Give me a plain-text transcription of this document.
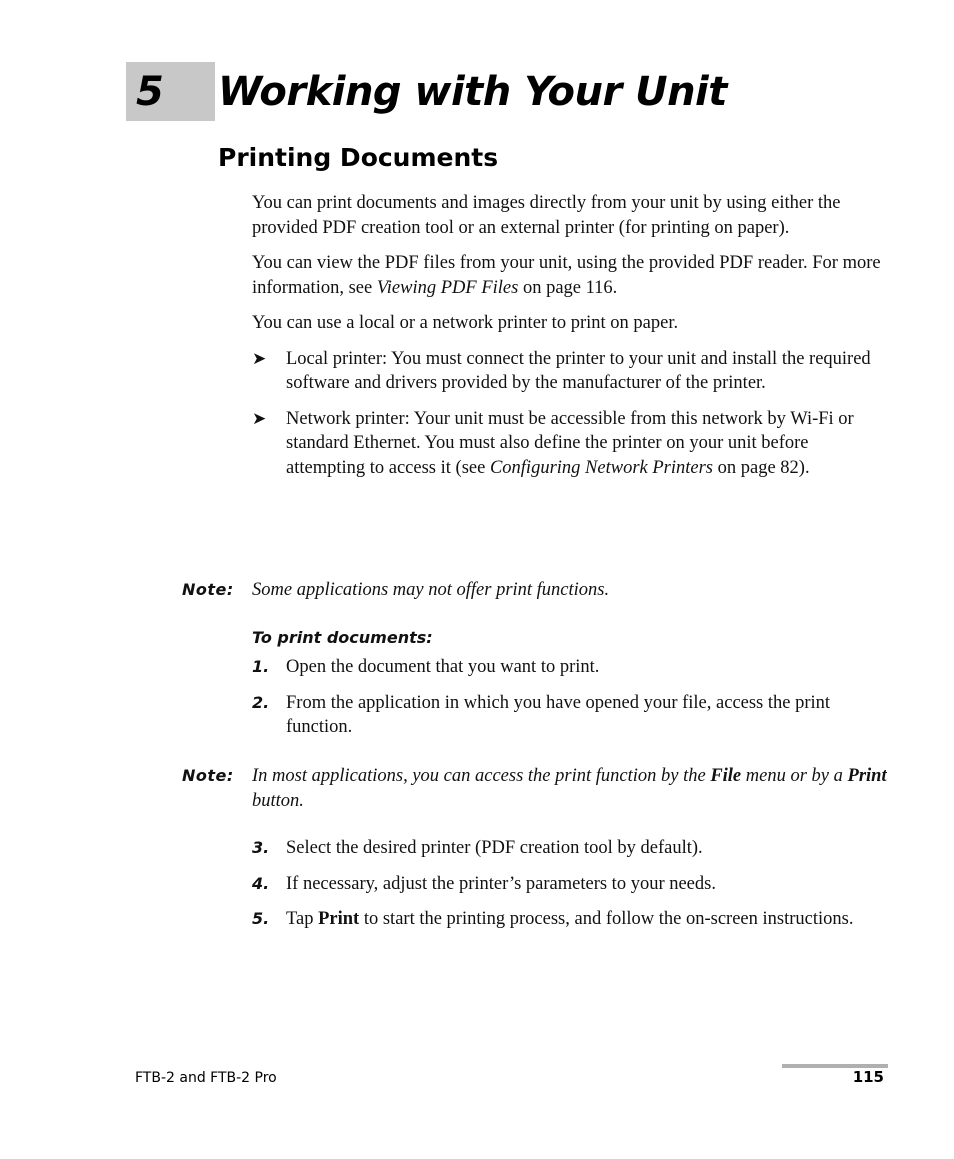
5 Working with Your Unit
Printing Documents

You can print documents and images directly from your unit by using either the provided PDF creation tool or an external printer (for printing on paper).

You can view the PDF files from your unit, using the provided PDF reader. For more information, see Viewing PDF Files on page 116.

You can use a local or a network printer to print on paper.

➤ Local printer: You must connect the printer to your unit and install the required software and drivers provided by the manufacturer of the printer.
➤ Network printer: Your unit must be accessible from this network by Wi-Fi or standard Ethernet. You must also define the printer on your unit before attempting to access it (see Configuring Network Printers on page 82).
Note: Some applications may not offer print functions.
To print documents:
1. Open the document that you want to print.
2. From the application in which you have opened your file, access the print function.
Note: In most applications, you can access the print function by the File menu or by a Print button.
3. Select the desired printer (PDF creation tool by default).
4. If necessary, adjust the printer’s parameters to your needs.
5. Tap Print to start the printing process, and follow the on-screen instructions.
FTB-2 and FTB-2 Pro	115
